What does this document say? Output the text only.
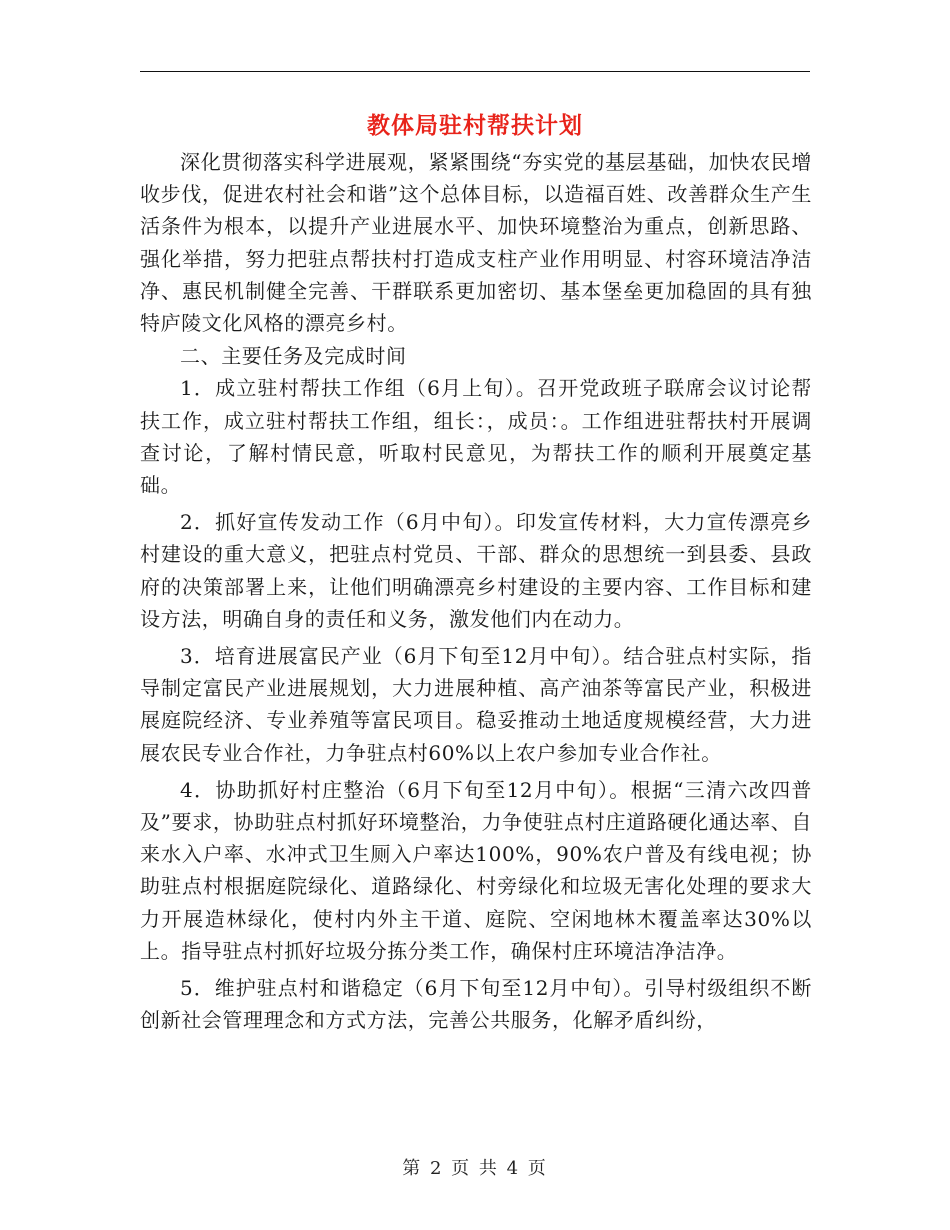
教体局驻村帮扶计划

深化贯彻落实科学进展观，紧紧围绕“夯实党的基层基础，加快农民增收步伐，促进农村社会和谐”这个总体目标，以造福百姓、改善群众生产生活条件为根本，以提升产业进展水平、加快环境整治为重点，创新思路、强化举措，努力把驻点帮扶村打造成支柱产业作用明显、村容环境洁净洁净、惠民机制健全完善、干群联系更加密切、基本堡垒更加稳固的具有独特庐陵文化风格的漂亮乡村。

二、主要任务及完成时间

1．成立驻村帮扶工作组（6月上旬）。召开党政班子联席会议讨论帮扶工作，成立驻村帮扶工作组，组长：，成员：。工作组进驻帮扶村开展调查讨论，了解村情民意，听取村民意见，为帮扶工作的顺利开展奠定基础。

2．抓好宣传发动工作（6月中旬）。印发宣传材料，大力宣传漂亮乡村建设的重大意义，把驻点村党员、干部、群众的思想统一到县委、县政府的决策部署上来，让他们明确漂亮乡村建设的主要内容、工作目标和建设方法，明确自身的责任和义务，激发他们内在动力。

3．培育进展富民产业（6月下旬至12月中旬）。结合驻点村实际，指导制定富民产业进展规划，大力进展种植、高产油茶等富民产业，积极进展庭院经济、专业养殖等富民项目。稳妥推动土地适度规模经营，大力进展农民专业合作社，力争驻点村60%以上农户参加专业合作社。

4．协助抓好村庄整治（6月下旬至12月中旬）。根据“三清六改四普及”要求，协助驻点村抓好环境整治，力争使驻点村庄道路硬化通达率、自来水入户率、水冲式卫生厕入户率达100%，90%农户普及有线电视；协助驻点村根据庭院绿化、道路绿化、村旁绿化和垃圾无害化处理的要求大力开展造林绿化，使村内外主干道、庭院、空闲地林木覆盖率达30%以上。指导驻点村抓好垃圾分拣分类工作，确保村庄环境洁净洁净。

5．维护驻点村和谐稳定（6月下旬至12月中旬）。引导村级组织不断创新社会管理理念和方式方法，完善公共服务，化解矛盾纠纷，

第 2 页 共 4 页
